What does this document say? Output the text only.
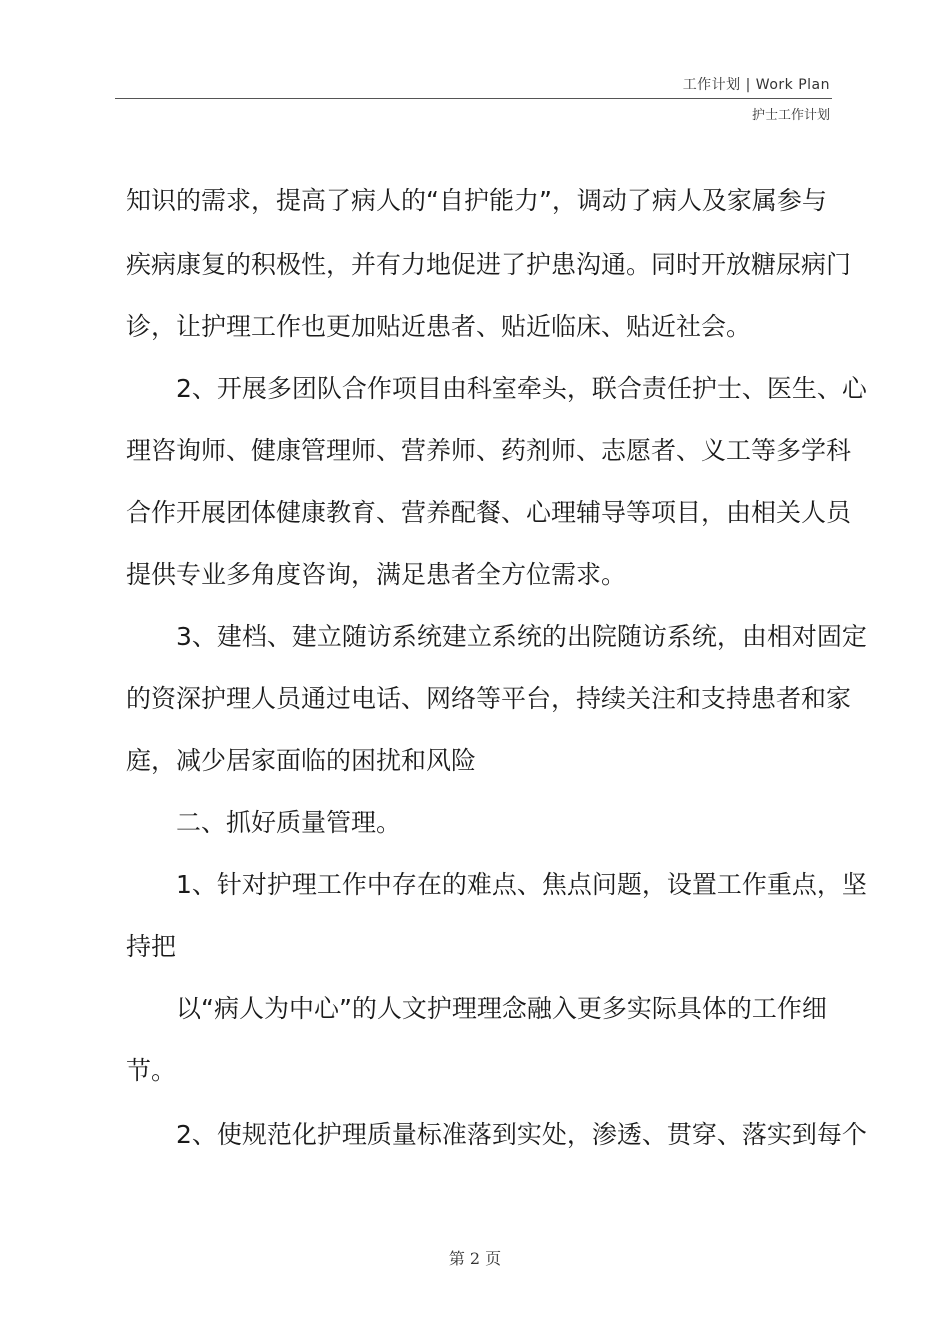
工作计划 | Work Plan
护士工作计划
知识的需求，提高了病人的“自护能力”，调动了病人及家属参与
疾病康复的积极性，并有力地促进了护患沟通。同时开放糖尿病门
诊，让护理工作也更加贴近患者、贴近临床、贴近社会。
2、开展多团队合作项目由科室牵头，联合责任护士、医生、心
理咨询师、健康管理师、营养师、药剂师、志愿者、义工等多学科
合作开展团体健康教育、营养配餐、心理辅导等项目，由相关人员
提供专业多角度咨询，满足患者全方位需求。
3、建档、建立随访系统建立系统的出院随访系统，由相对固定
的资深护理人员通过电话、网络等平台，持续关注和支持患者和家
庭，减少居家面临的困扰和风险
二、抓好质量管理。
1、针对护理工作中存在的难点、焦点问题，设置工作重点，坚
持把
以“病人为中心”的人文护理理念融入更多实际具体的工作细
节。
2、使规范化护理质量标准落到实处，渗透、贯穿、落实到每个
第 2 页
